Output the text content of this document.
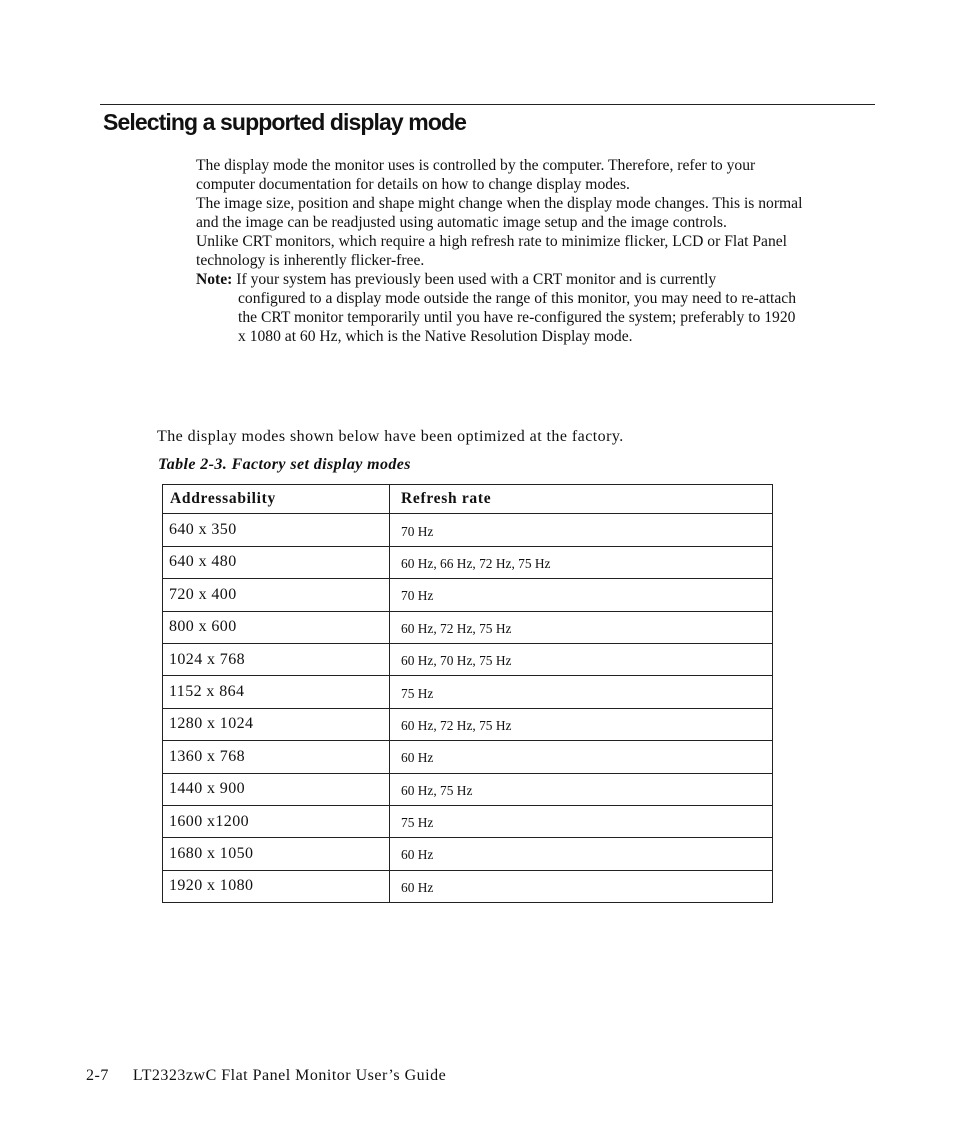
Selecting a supported display mode

The display mode the monitor uses is controlled by the computer. Therefore, refer to your computer documentation for details on how to change display modes.

The image size, position and shape might change when the display mode changes. This is normal and the image can be readjusted using automatic image setup and the image controls.

Unlike CRT monitors, which require a high refresh rate to minimize flicker, LCD or Flat Panel technology is inherently flicker-free.

Note: If your system has previously been used with a CRT monitor and is currently
configured to a display mode outside the range of this monitor, you may need to re-attach the CRT monitor temporarily until you have re-configured the system; preferably to 1920 x 1080 at 60 Hz, which is the Native Resolution Display mode.

The display modes shown below have been optimized at the factory.

Table 2-3. Factory set display modes

Addressability	Refresh rate
640 x 350	70 Hz
640 x 480	60 Hz, 66 Hz, 72 Hz, 75 Hz
720 x 400	70 Hz
800 x 600	60 Hz, 72 Hz, 75 Hz
1024 x 768	60 Hz, 70 Hz, 75 Hz
1152 x 864	75 Hz
1280 x 1024	60 Hz, 72 Hz, 75 Hz
1360 x 768	60 Hz
1440 x 900	60 Hz, 75 Hz
1600 x1200	75 Hz
1680 x 1050	60 Hz
1920 x 1080	60 Hz

2-7 LT2323zwC Flat Panel Monitor User’s Guide
